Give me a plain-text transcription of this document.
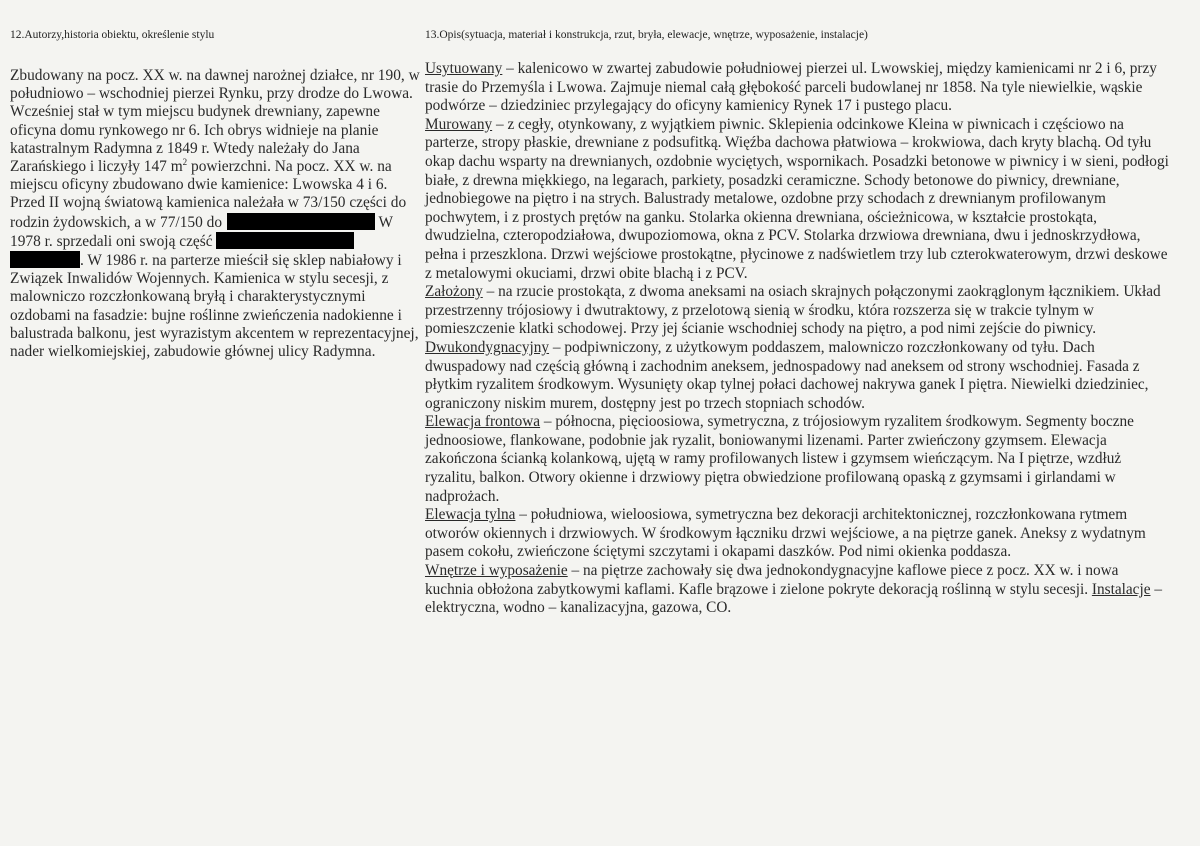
12.Autorzy,historia obiektu, określenie stylu
Zbudowany na pocz. XX w. na dawnej narożnej działce, nr 190, w południowo – wschodniej pierzei Rynku, przy drodze do Lwowa. Wcześniej stał w tym miejscu budynek drewniany, zapewne oficyna domu rynkowego nr 6. Ich obrys widnieje na planie katastralnym Radymna z 1849 r. Wtedy należały do Jana Zarańskiego i liczyły 147 $m^2$ powierzchni. Na pocz. XX w. na miejscu oficyny zbudowano dwie kamienice: Lwowska 4 i 6. Przed II wojną światową kamienica należała w 73/150 części do rodzin żydowskich, a w 77/150 do	W 1978 r. sprzedali oni swoją część  . W 1986 r. na parterze mieścił się sklep nabiałowy i Związek Inwalidów Wojennych. Kamienica w stylu secesji, z malowniczo rozczłonkowaną bryłą i charakterystycznymi ozdobami na fasadzie: bujne roślinne zwieńczenia nadokienne i balustrada balkonu, jest wyrazistym akcentem w reprezentacyjnej, nader wielkomiejskiej, zabudowie głównej ulicy Radymna.
13.Opis(sytuacja, materiał i konstrukcja, rzut, bryła, elewacje, wnętrze, wyposażenie, instalacje)

Usytuowany – kalenicowo w zwartej zabudowie południowej pierzei ul. Lwowskiej, między kamienicami nr 2 i 6, przy trasie do Przemyśla i Lwowa. Zajmuje niemal całą głębokość parceli budowlanej nr 1858. Na tyle niewielkie, wąskie podwórze – dziedziniec przylegający do oficyny kamienicy Rynek 17 i pustego placu.

Murowany – z cegły, otynkowany, z wyjątkiem piwnic. Sklepienia odcinkowe Kleina w piwnicach i częściowo na parterze, stropy płaskie, drewniane z podsufitką. Więźba dachowa płatwiowa – krokwiowa, dach kryty blachą. Od tyłu okap dachu wsparty na drewnianych, ozdobnie wyciętych, wspornikach. Posadzki betonowe w piwnicy i w sieni, podłogi białe, z drewna miękkiego, na legarach, parkiety, posadzki ceramiczne. Schody betonowe do piwnicy, drewniane, jednobiegowe na piętro i na strych. Balustrady metalowe, ozdobne przy schodach z drewnianym profilowanym pochwytem, i z prostych prętów na ganku. Stolarka okienna drewniana, ościeżnicowa, w kształcie prostokąta, dwudzielna, czteropodziałowa, dwupoziomowa, okna z PCV. Stolarka drzwiowa drewniana, dwu i jednoskrzydłowa, pełna i przeszklona. Drzwi wejściowe prostokątne, płycinowe z nadświetlem trzy lub czterokwaterowym, drzwi deskowe z metalowymi okuciami, drzwi obite blachą i z PCV.

Założony – na rzucie prostokąta, z dwoma aneksami na osiach skrajnych połączonymi zaokrąglonym łącznikiem. Układ przestrzenny trójosiowy i dwutraktowy, z przelotową sienią w środku, która rozszerza się w trakcie tylnym w pomieszczenie klatki schodowej. Przy jej ścianie wschodniej schody na piętro, a pod nimi zejście do piwnicy.

Dwukondygnacyjny – podpiwniczony, z użytkowym poddaszem, malowniczo rozczłonkowany od tyłu. Dach dwuspadowy nad częścią główną i zachodnim aneksem, jednospadowy nad aneksem od strony wschodniej. Fasada z płytkim ryzalitem środkowym. Wysunięty okap tylnej połaci dachowej nakrywa ganek I piętra. Niewielki dziedziniec, ograniczony niskim murem, dostępny jest po trzech stopniach schodów.

Elewacja frontowa – północna, pięcioosiowa, symetryczna, z trójosiowym ryzalitem środkowym. Segmenty boczne jednoosiowe, flankowane, podobnie jak ryzalit, boniowanymi lizenami. Parter zwieńczony gzymsem. Elewacja zakończona ścianką kolankową, ujętą w ramy profilowanych listew i gzymsem wieńczącym. Na I piętrze, wzdłuż ryzalitu, balkon. Otwory okienne i drzwiowy piętra obwiedzione profilowaną opaską z gzymsami i girlandami w nadprożach.

Elewacja tylna – południowa, wieloosiowa, symetryczna bez dekoracji architektonicznej, rozczłonkowana rytmem otworów okiennych i drzwiowych. W środkowym łączniku drzwi wejściowe, a na piętrze ganek. Aneksy z wydatnym pasem cokołu, zwieńczone ściętymi szczytami i okapami daszków. Pod nimi okienka poddasza.

Wnętrze i wyposażenie – na piętrze zachowały się dwa jednokondygnacyjne kaflowe piece z pocz. XX w. i nowa kuchnia obłożona zabytkowymi kaflami. Kafle brązowe i zielone pokryte dekoracją roślinną w stylu secesji. Instalacje – elektryczna, wodno – kanalizacyjna, gazowa, CO.
